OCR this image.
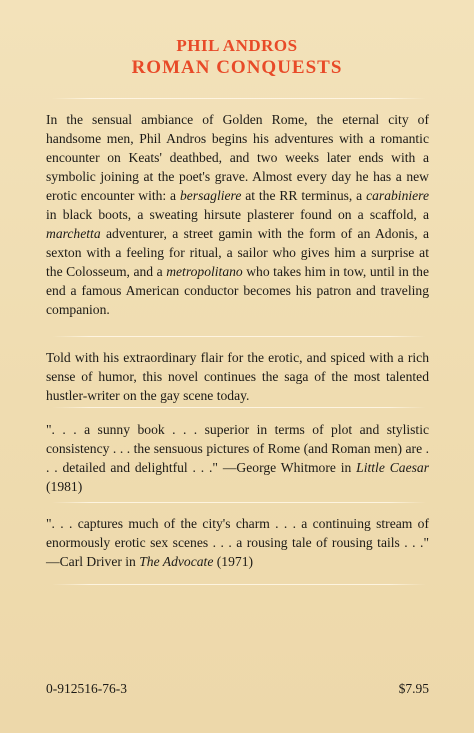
PHIL ANDROS
ROMAN CONQUESTS

In the sensual ambiance of Golden Rome, the eternal city of handsome men, Phil Andros begins his adventures with a romantic encounter on Keats' deathbed, and two weeks later ends with a symbolic joining at the poet's grave. Almost every day he has a new erotic encounter with: a bersagliere at the RR terminus, a carabiniere in black boots, a sweating hirsute plasterer found on a scaffold, a marchetta adventurer, a street gamin with the form of an Adonis, a sexton with a feeling for ritual, a sailor who gives him a surprise at the Colosseum, and a metropolitano who takes him in tow, until in the end a famous American conductor becomes his patron and traveling companion.

Told with his extraordinary flair for the erotic, and spiced with a rich sense of humor, this novel continues the saga of the most talented hustler-writer on the gay scene today.

". . . a sunny book . . . superior in terms of plot and stylistic consistency . . . the sensuous pictures of Rome (and Roman men) are . . . detailed and delightful . . ." —George Whitmore in Little Caesar (1981)

". . . captures much of the city's charm . . . a continuing stream of enormously erotic sex scenes . . . a rousing tale of rousing tails . . ." —Carl Driver in The Advocate (1971)

0-912516-76-3	$7.95
